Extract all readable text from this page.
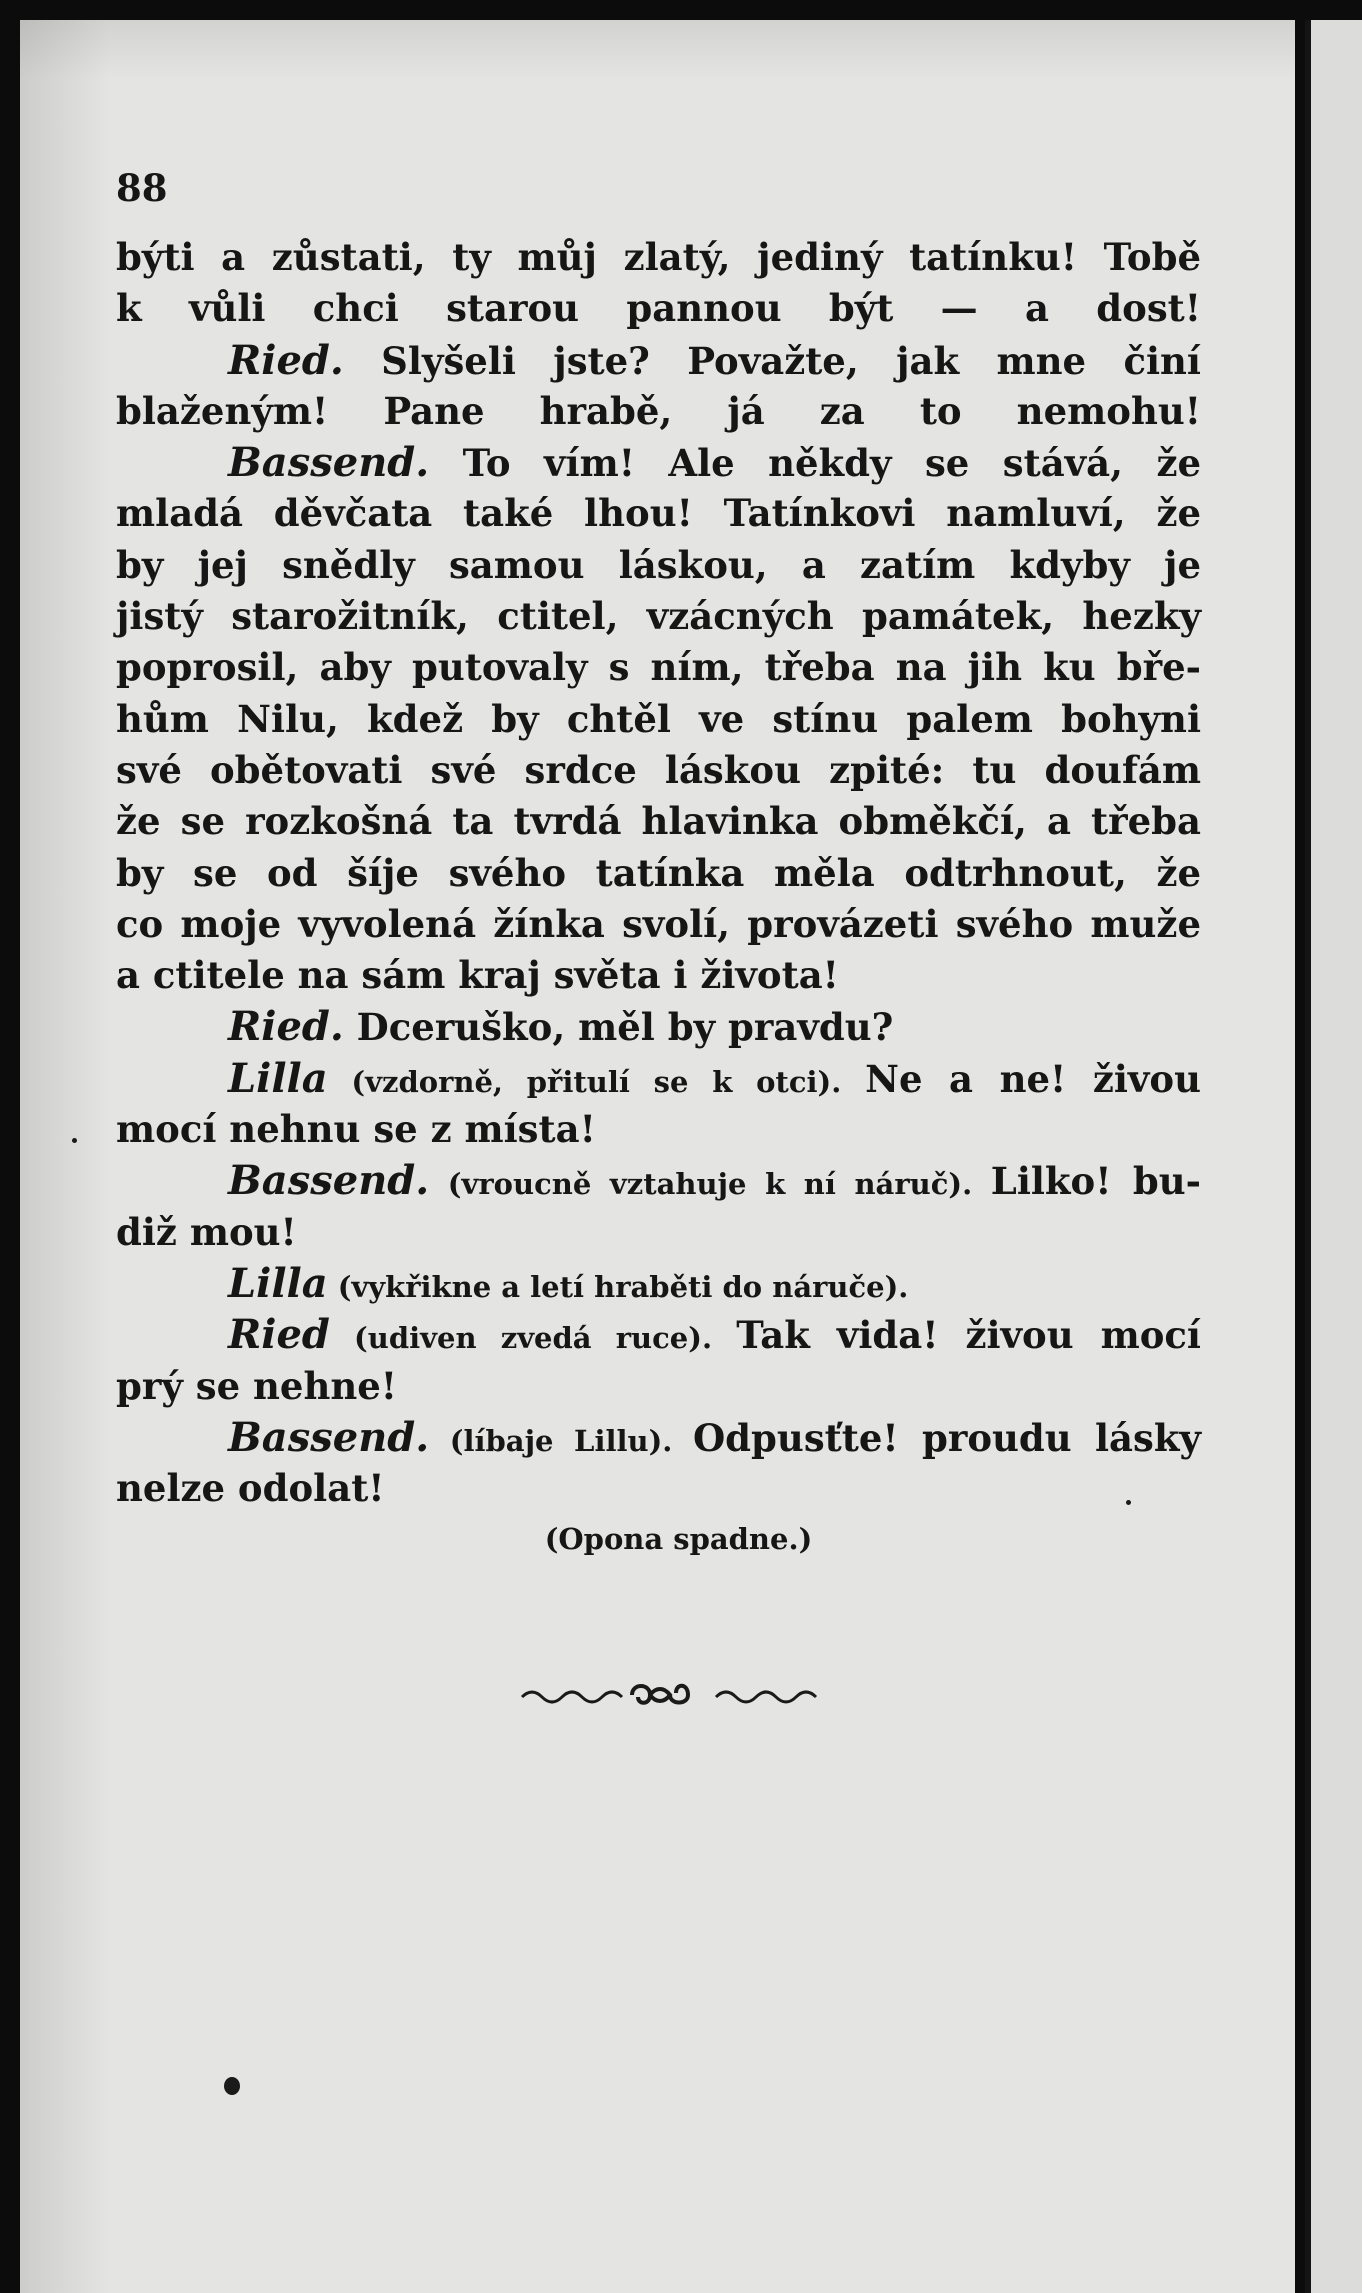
88
býti a zůstati, ty můj zlatý, jediný tatínku! Tobě
k vůli chci starou pannou být — a dost!
Ried. Slyšeli jste? Považte, jak mne činí
blaženým! Pane hrabě, já za to nemohu!
Bassend. To vím! Ale někdy se stává, že
mladá děvčata také lhou! Tatínkovi namluví, že
by jej snědly samou láskou, a zatím kdyby je
jistý starožitník, ctitel, vzácných památek, hezky
poprosil, aby putovaly s ním, třeba na jih ku bře-
hům Nilu, kdež by chtěl ve stínu palem bohyni
své obětovati své srdce láskou zpité: tu doufám
že se rozkošná ta tvrdá hlavinka obměkčí, a třeba
by se od šíje svého tatínka měla odtrhnout, že
co moje vyvolená žínka svolí, provázeti svého muže
a ctitele na sám kraj světa i života!
Ried. Dceruško, měl by pravdu?
Lilla (vzdorně, přitulí se k otci). Ne a ne! živou
mocí nehnu se z místa!
Bassend. (vroucně vztahuje k ní náruč). Lilko! bu-
diž mou!
Lilla (vykřikne a letí hraběti do náruče).
Ried (udiven zvedá ruce). Tak vida! živou mocí
prý se nehne!
Bassend. (líbaje Lillu). Odpusťte! proudu lásky
nelze odolat!
(Opona spadne.)
